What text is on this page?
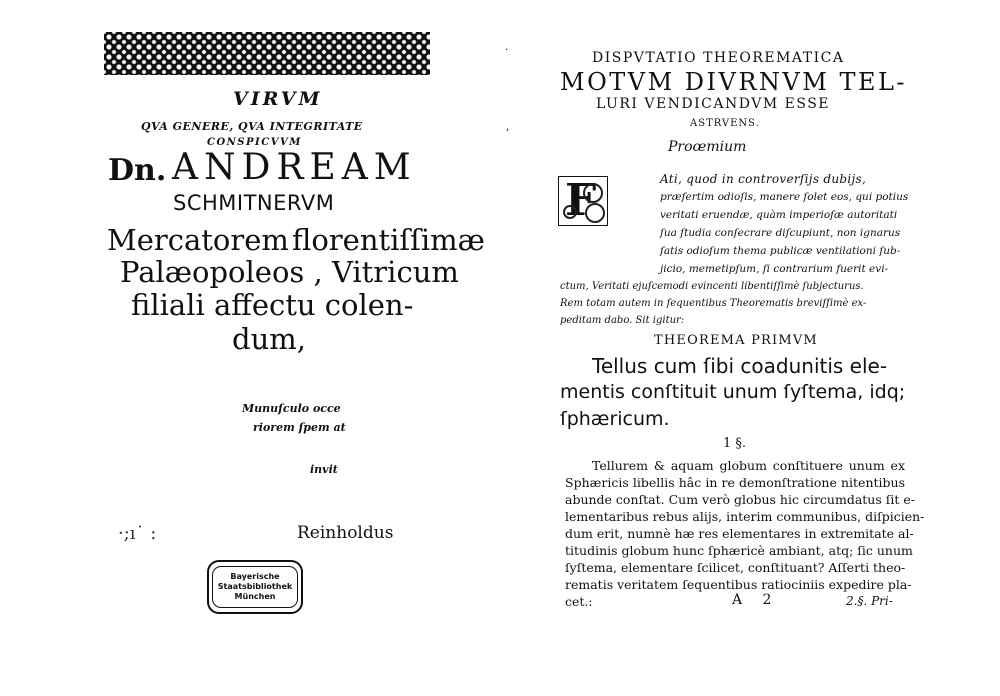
VIRVM
QVA GENERE, QVA INTEGRITATE
CONSPICVVM
Dn. ANDREAM
SCHMITNERVM
Mercatorem florentiſſimæ
Palæopoleos , Vitricum
filiali affectu colen-
dum,
Munuſculo occe
riorem ſpem at
invit
Reinholdus
·;ı˙ :
Bayerische
Staatsbibliothek
München
.
,
DISPVTATIO THEOREMATICA
MOTVM DIVRNVM TEL-
LURI VENDICANDVM ESSE
ASTRVENS.
Proœmium
F	Ati, quod in controverſijs dubijs,
præſertim odioſis, manere ſolet eos, qui potius
veritati eruendæ, quàm imperioſæ autoritati
ſua ſtudia conſecrare diſcupiunt, non ignarus
ſatis odioſum thema publicæ ventilationi ſub-
jicio, memetipſum, ſi contrarium fuerit evi-
ctum, Veritati ejuſcemodi evincenti libentiſſimè ſubjecturus.
Rem totam autem in ſequentibus Theorematis breviſſimè ex-
peditam dabo. Sit igitur:
THEOREMA PRIMVM
Tellus cum ſibi coadunitis ele-
mentis conſtituit unum ſyſtema, idq;
ſphæricum.
1 §.
Tellurem & aquam globum conſtituere unum ex
Sphæricis libellis hâc in re demonſtratione nitentibus
abunde conſtat. Cum verò globus hic circumdatus ſit e-
lementaribus rebus alijs, interim communibus, diſpicien-
dum erit, numnè hæ res elementares in extremitate al-
titudinis globum hunc ſphæricè ambiant, atq; ſic unum
ſyſtema, elementare ſcilicet, conſtituant? Aſſerti theo-
rematis veritatem ſequentibus ratiociniis expedire pla-
cet.:	A 2	2.§. Pri-
